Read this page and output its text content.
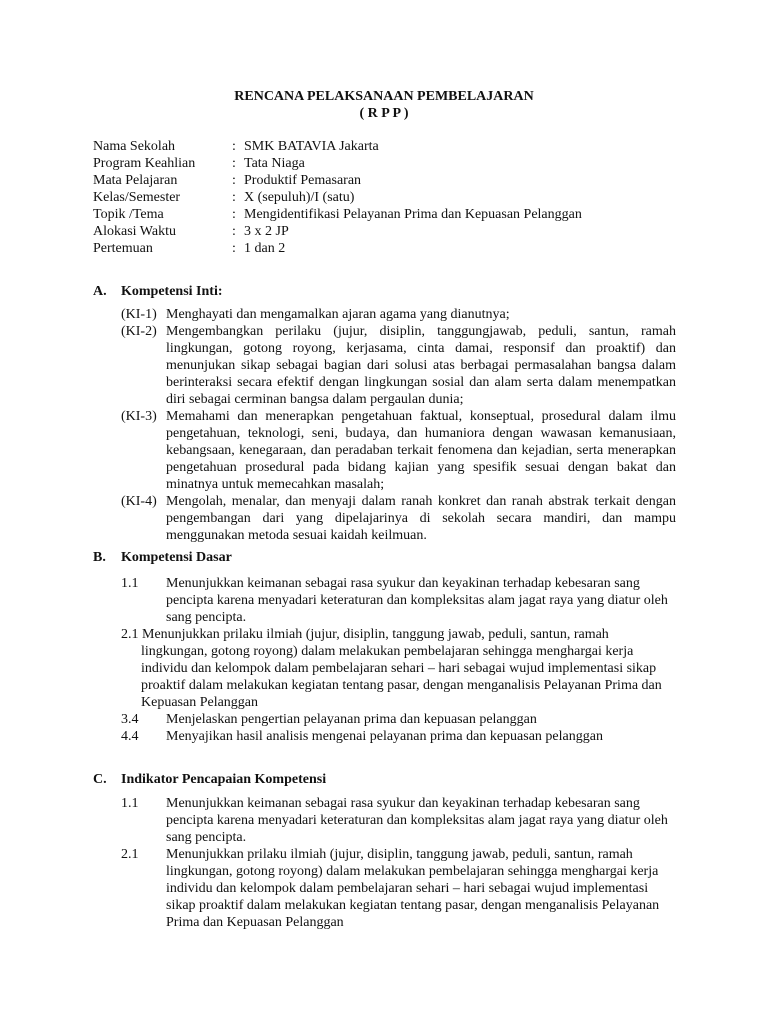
RENCANA PELAKSANAAN PEMBELAJARAN
( R P P )
Nama Sekolah	: SMK BATAVIA Jakarta
Program Keahlian	: Tata Niaga
Mata Pelajaran	: Produktif Pemasaran
Kelas/Semester	: X (sepuluh)/I (satu)
Topik /Tema	: Mengidentifikasi Pelayanan Prima dan Kepuasan Pelanggan
Alokasi Waktu	: 3 x 2 JP
Pertemuan	: 1 dan 2
A. Kompetensi Inti:
(KI-1) Menghayati dan mengamalkan ajaran agama yang dianutnya;
(KI-2) Mengembangkan perilaku (jujur, disiplin, tanggungjawab, peduli, santun, ramah lingkungan, gotong royong, kerjasama, cinta damai, responsif dan proaktif) dan menunjukan sikap sebagai bagian dari solusi atas berbagai permasalahan bangsa dalam berinteraksi secara efektif dengan lingkungan sosial dan alam serta dalam menempatkan diri sebagai cerminan bangsa dalam pergaulan dunia;
(KI-3) Memahami dan menerapkan pengetahuan faktual, konseptual, prosedural dalam ilmu pengetahuan, teknologi, seni, budaya, dan humaniora dengan wawasan kemanusiaan, kebangsaan, kenegaraan, dan peradaban terkait fenomena dan kejadian, serta menerapkan pengetahuan prosedural pada bidang kajian yang spesifik sesuai dengan bakat dan minatnya untuk memecahkan masalah;
(KI-4) Mengolah, menalar, dan menyaji dalam ranah konkret dan ranah abstrak terkait dengan pengembangan dari yang dipelajarinya di sekolah secara mandiri, dan mampu menggunakan metoda sesuai kaidah keilmuan.
B. Kompetensi Dasar
1.1 Menunjukkan keimanan sebagai rasa syukur dan keyakinan terhadap kebesaran sang pencipta karena menyadari keteraturan dan kompleksitas alam jagat raya yang diatur oleh sang pencipta.
2.1 Menunjukkan prilaku ilmiah (jujur, disiplin, tanggung jawab, peduli, santun, ramah lingkungan, gotong royong) dalam melakukan pembelajaran sehingga menghargai kerja individu dan kelompok dalam pembelajaran sehari – hari sebagai wujud implementasi sikap proaktif dalam melakukan kegiatan tentang pasar, dengan menganalisis Pelayanan Prima dan Kepuasan Pelanggan
3.4 Menjelaskan pengertian pelayanan prima dan kepuasan pelanggan
4.4 Menyajikan hasil analisis mengenai pelayanan prima dan kepuasan pelanggan
C. Indikator Pencapaian Kompetensi
1.1 Menunjukkan keimanan sebagai rasa syukur dan keyakinan terhadap kebesaran sang pencipta karena menyadari keteraturan dan kompleksitas alam jagat raya yang diatur oleh sang pencipta.
2.1 Menunjukkan prilaku ilmiah (jujur, disiplin, tanggung jawab, peduli, santun, ramah lingkungan, gotong royong) dalam melakukan pembelajaran sehingga menghargai kerja individu dan kelompok dalam pembelajaran sehari – hari sebagai wujud implementasi sikap proaktif dalam melakukan kegiatan tentang pasar, dengan menganalisis Pelayanan Prima dan Kepuasan Pelanggan
